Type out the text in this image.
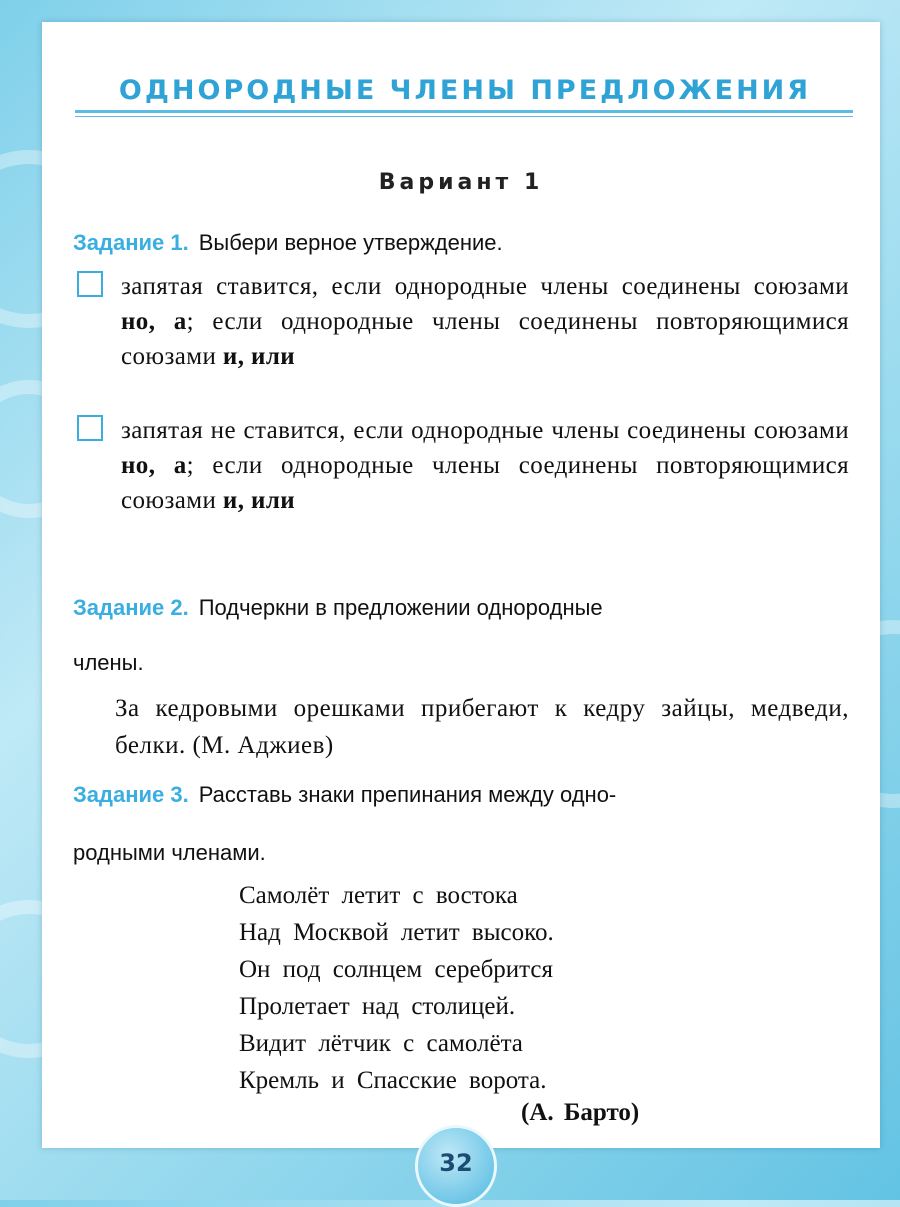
ОДНОРОДНЫЕ ЧЛЕНЫ ПРЕДЛОЖЕНИЯ
Вариант 1
Задание 1. Выбери верное утверждение.
запятая ставится, если однородные члены соединены союзами но, а; если однородные члены соединены повторяющимися союзами и, или
запятая не ставится, если однородные члены соединены союзами но, а; если однородные члены соединены повторяющимися союзами и, или
Задание 2. Подчеркни в предложении однородные
члены.
За кедровыми орешками прибегают к кедру зайцы, медведи, белки. (М. Аджиев)
Задание 3. Расставь знаки препинания между одно-
родными членами.
Самолёт летит с востока
Над Москвой летит высоко.
Он под солнцем серебрится
Пролетает над столицей.
Видит лётчик с самолёта
Кремль и Спасские ворота.
(А. Барто)
32
